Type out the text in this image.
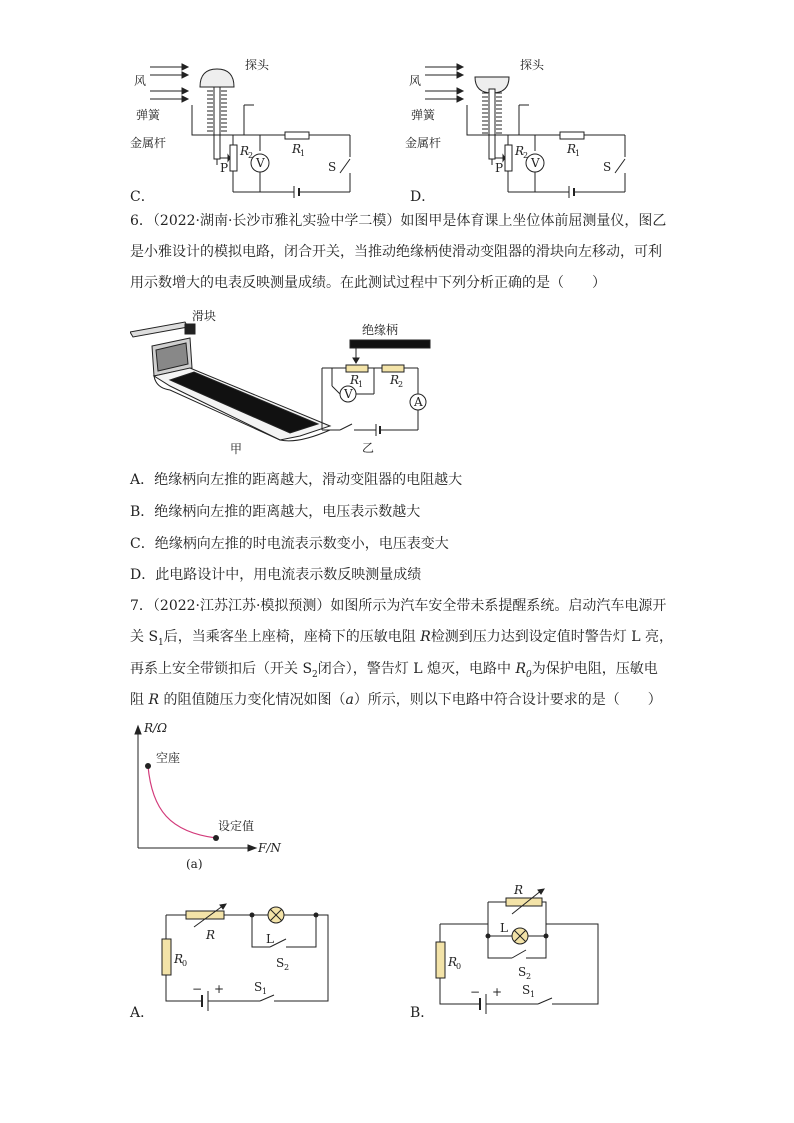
风
探头
弹簧
金属杆
P
R
2
V
R
1
S
C．
风
探头
弹簧
金属杆
P
R
2
V
R
1
S
D．
6．（2022·湖南·长沙市雅礼实验中学二模）如图甲是体育课上坐位体前屈测量仪，图乙
是小雅设计的模拟电路，闭合开关，当推动绝缘柄使滑动变阻器的滑块向左移动，可利
用示数增大的电表反映测量成绩。在此测试过程中下列分析正确的是（　　）
滑块
甲
绝缘柄
R
1 R
2
V
A
乙
A．绝缘柄向左推的距离越大，滑动变阻器的电阻越大
B．绝缘柄向左推的距离越大，电压表示数越大
C．绝缘柄向左推的时电流表示数变小，电压表变大
D．此电路设计中，用电流表示数反映测量成绩
7．（2022·江苏江苏·模拟预测）如图所示为汽车安全带未系提醒系统。启动汽车电源开
关 $S_1$后，当乘客坐上座椅，座椅下的压敏电阻 R检测到压力达到设定值时警告灯 L 亮，
再系上安全带锁扣后（开关 $S_2$闭合），警告灯 L 熄灭，电路中 $R_0$为保护电阻，压敏电
阻 R 的阻值随压力变化情况如图（a）所示，则以下电路中符合设计要求的是（　　）
R/Ω
F/N
空座
设定值
(a)
R	L
S 2
R
0
− + S 1
A．
R
L
S 2
R
0
− + S 1
B．
